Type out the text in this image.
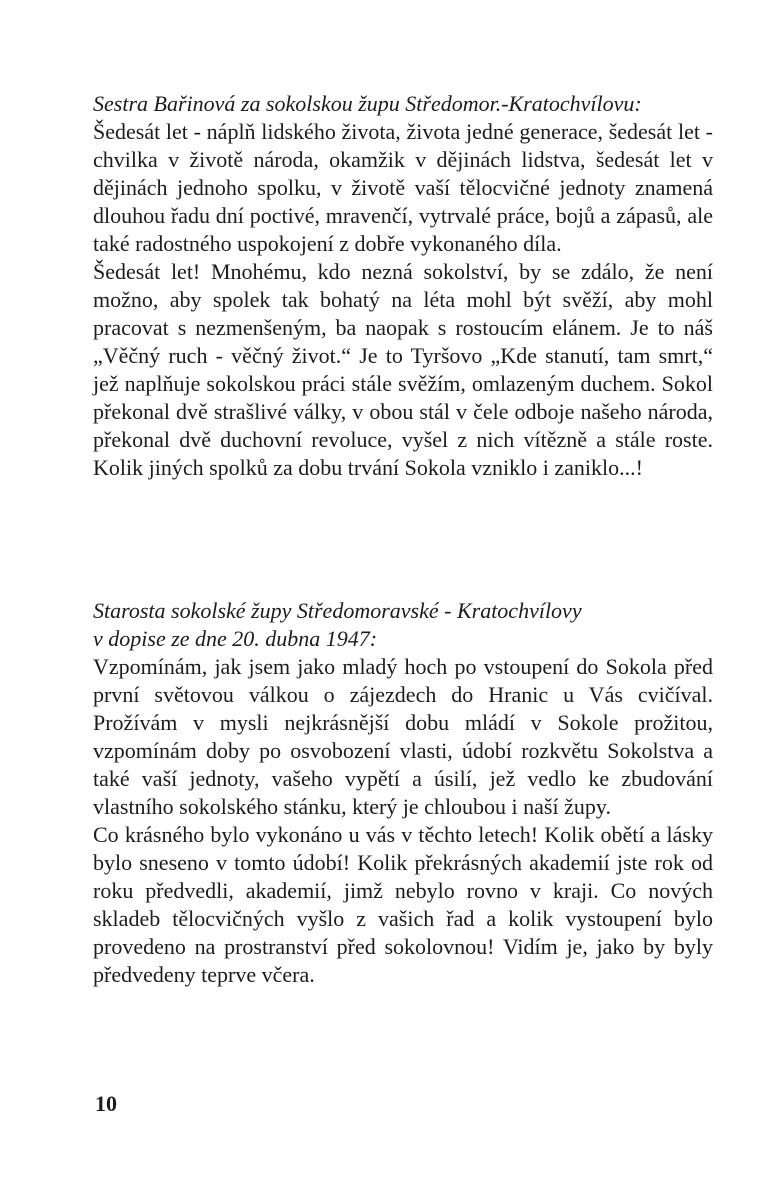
Sestra Bařinová za sokolskou župu Středomor.-Kratochvílovu:

Šedesát let - náplň lidského života, života jedné generace, šedesát let - chvilka v životě národa, okamžik v dějinách lidstva, šedesát let v dějinách jednoho spolku, v životě vaší tělocvičné jednoty znamená dlouhou řadu dní poctivé, mravenčí, vytrvalé práce, bojů a zápasů, ale také radostného uspokojení z dobře vykonaného díla.

Šedesát let! Mnohému, kdo nezná sokolství, by se zdálo, že není možno, aby spolek tak bohatý na léta mohl být svěží, aby mohl pracovat s nezmenšeným, ba naopak s rostoucím elánem. Je to náš „Věčný ruch - věčný život.“ Je to Tyršovo „Kde stanutí, tam smrt,“ jež naplňuje sokolskou práci stále svěžím, omlazeným duchem. Sokol překonal dvě strašlivé války, v obou stál v čele odboje našeho národa, překonal dvě duchovní revoluce, vyšel z nich vítězně a stále roste. Kolik jiných spolků za dobu trvání Sokola vzniklo i zaniklo...!

Starosta sokolské župy Středomoravské - Kratochvílovy
v dopise ze dne 20. dubna 1947:

Vzpomínám, jak jsem jako mladý hoch po vstoupení do Sokola před první světovou válkou o zájezdech do Hranic u Vás cvičíval. Prožívám v mysli nejkrásnější dobu mládí v Sokole prožitou, vzpomínám doby po osvobození vlasti, údobí rozkvětu Sokolstva a také vaší jednoty, vašeho vypětí a úsilí, jež vedlo ke zbudování vlastního sokolského stánku, který je chloubou i naší župy.

Co krásného bylo vykonáno u vás v těchto letech! Kolik obětí a lásky bylo sneseno v tomto údobí! Kolik překrásných akademií jste rok od roku předvedli, akademií, jimž nebylo rovno v kraji. Co nových skladeb tělocvičných vyšlo z vašich řad a kolik vystoupení bylo provedeno na prostranství před sokolovnou! Vidím je, jako by byly předvedeny teprve včera.

10
